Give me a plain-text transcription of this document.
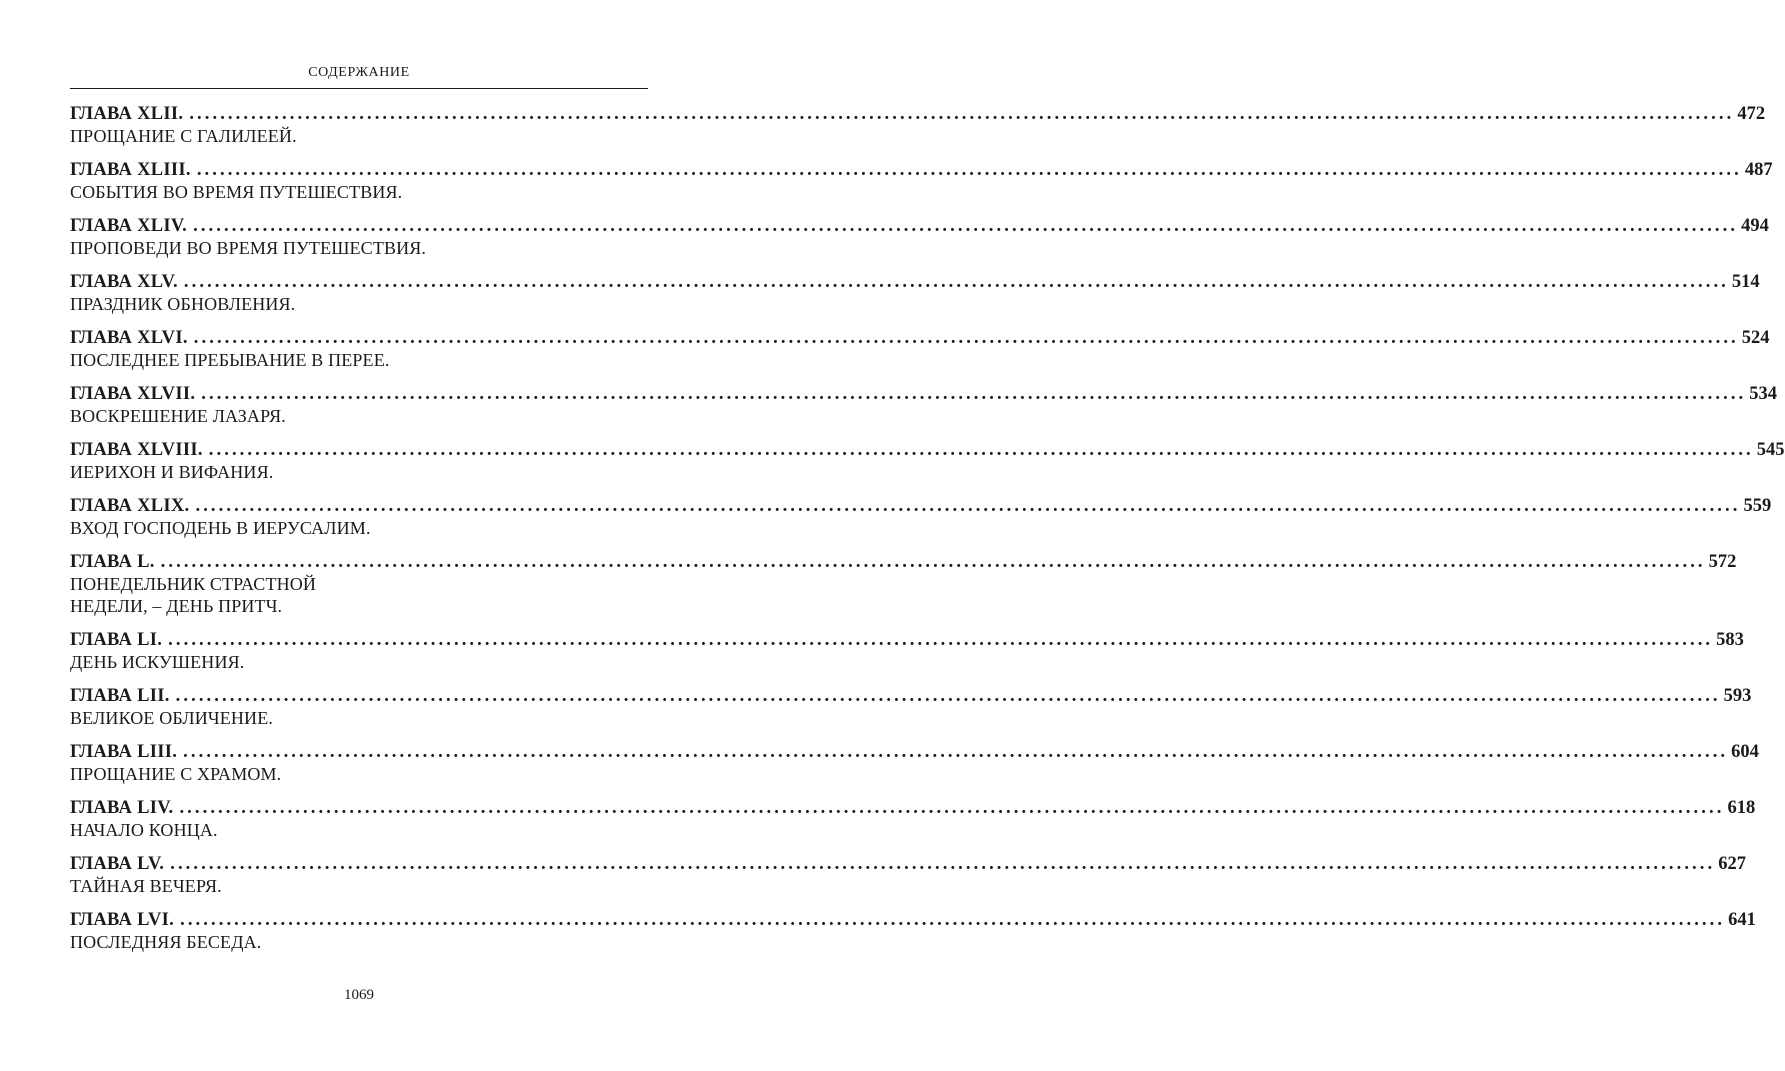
СОДЕРЖАНИЕ
ГЛАВА XLII. ........................................................................................................................................................................................................ 472
ПРОЩАНИЕ С ГАЛИЛЕЕЙ.
ГЛАВА XLIII. ........................................................................................................................................................................................................ 487
СОБЫТИЯ ВО ВРЕМЯ ПУТЕШЕСТВИЯ.
ГЛАВА XLIV. ........................................................................................................................................................................................................ 494
ПРОПОВЕДИ ВО ВРЕМЯ ПУТЕШЕСТВИЯ.
ГЛАВА XLV. ........................................................................................................................................................................................................ 514
ПРАЗДНИК ОБНОВЛЕНИЯ.
ГЛАВА XLVI. ........................................................................................................................................................................................................ 524
ПОСЛЕДНЕЕ ПРЕБЫВАНИЕ В ПЕРЕЕ.
ГЛАВА XLVII. ........................................................................................................................................................................................................ 534
ВОСКРЕШЕНИЕ ЛАЗАРЯ.
ГЛАВА XLVIII. ........................................................................................................................................................................................................ 545
ИЕРИХОН И ВИФАНИЯ.
ГЛАВА XLIX. ........................................................................................................................................................................................................ 559
ВХОД ГОСПОДЕНЬ В ИЕРУСАЛИМ.
ГЛАВА L. ........................................................................................................................................................................................................ 572
ПОНЕДЕЛЬНИК СТРАСТНОЙ
НЕДЕЛИ, – ДЕНЬ ПРИТЧ.
ГЛАВА LI. ........................................................................................................................................................................................................ 583
ДЕНЬ ИСКУШЕНИЯ.
ГЛАВА LII. ........................................................................................................................................................................................................ 593
ВЕЛИКОЕ ОБЛИЧЕНИЕ.
ГЛАВА LIII. ........................................................................................................................................................................................................ 604
ПРОЩАНИЕ С ХРАМОМ.
ГЛАВА LIV. ........................................................................................................................................................................................................ 618
НАЧАЛО КОНЦА.
ГЛАВА LV. ........................................................................................................................................................................................................ 627
ТАЙНАЯ ВЕЧЕРЯ.
ГЛАВА LVI. ........................................................................................................................................................................................................ 641
ПОСЛЕДНЯЯ БЕСЕДА.
1069
